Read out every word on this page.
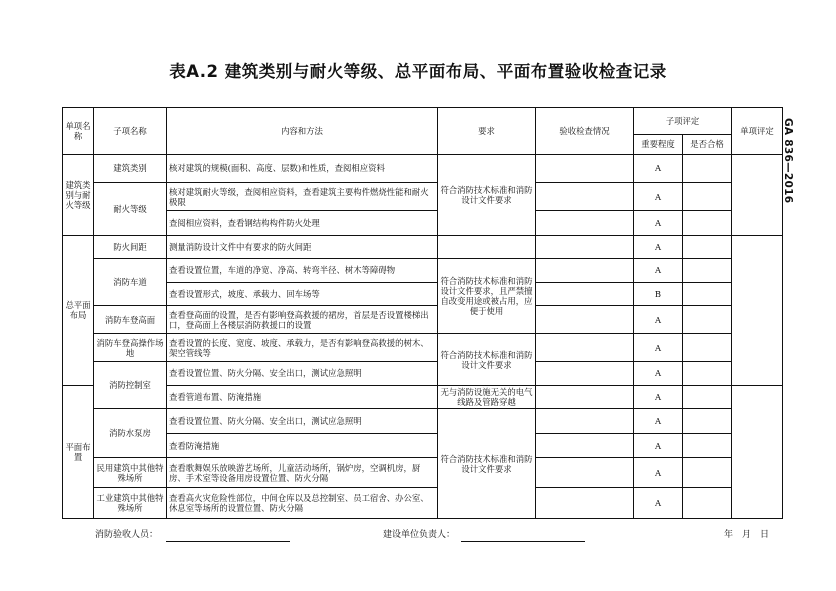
表A.2 建筑类别与耐火等级、总平面布局、平面布置验收检查记录
GA 836—2016
单项名称	子项名称	内容和方法	要求	验收检查情况	子项评定		单项评定
					重要程度	是否合格	
建筑类别与耐火等级	建筑类别	核对建筑的规模(面积、高度、层数)和性质，查阅相应资料	符合消防技术标准和消防设计文件要求		A		
	耐火等级	核对建筑耐火等级，查阅相应资料，查看建筑主要构件燃烧性能和耐火极限			A		
		查阅相应资料，查看钢结构构件防火处理			A		
总平面布局	防火间距	测量消防设计文件中有要求的防火间距			A		
	消防车道	查看设置位置，车道的净宽、净高、转弯半径、树木等障碍物	符合消防技术标准和消防设计文件要求，且严禁擅自改变用途或被占用，应便于使用		A		
		查看设置形式，坡度、承载力、回车场等			B		
	消防车登高面	查看登高面的设置，是否有影响登高救援的裙房，首层是否设置楼梯出口，登高面上各楼层消防救援口的设置			A		
	消防车登高操作场地	查看设置的长度、宽度、坡度、承载力，是否有影响登高救援的树木、架空管线等	符合消防技术标准和消防设计文件要求		A		
	消防控制室	查看设置位置、防火分隔、安全出口，测试应急照明			A		
平面布置		查看管道布置、防淹措施	无与消防设施无关的电气线路及管路穿越		A		
	消防水泵房	查看设置位置、防火分隔、安全出口，测试应急照明	符合消防技术标准和消防设计文件要求		A		
		查看防淹措施			A		
	民用建筑中其他特殊场所	查看歌舞娱乐放映游艺场所，儿童活动场所，锅炉房，空调机房，厨房、手术室等设备用房设置位置、防火分隔			A		
	工业建筑中其他特殊场所	查看高火灾危险性部位，中间仓库以及总控制室、员工宿舍、办公室、休息室等场所的设置位置、防火分隔			A		
消防验收人员：	建设单位负责人：	年　月　日
